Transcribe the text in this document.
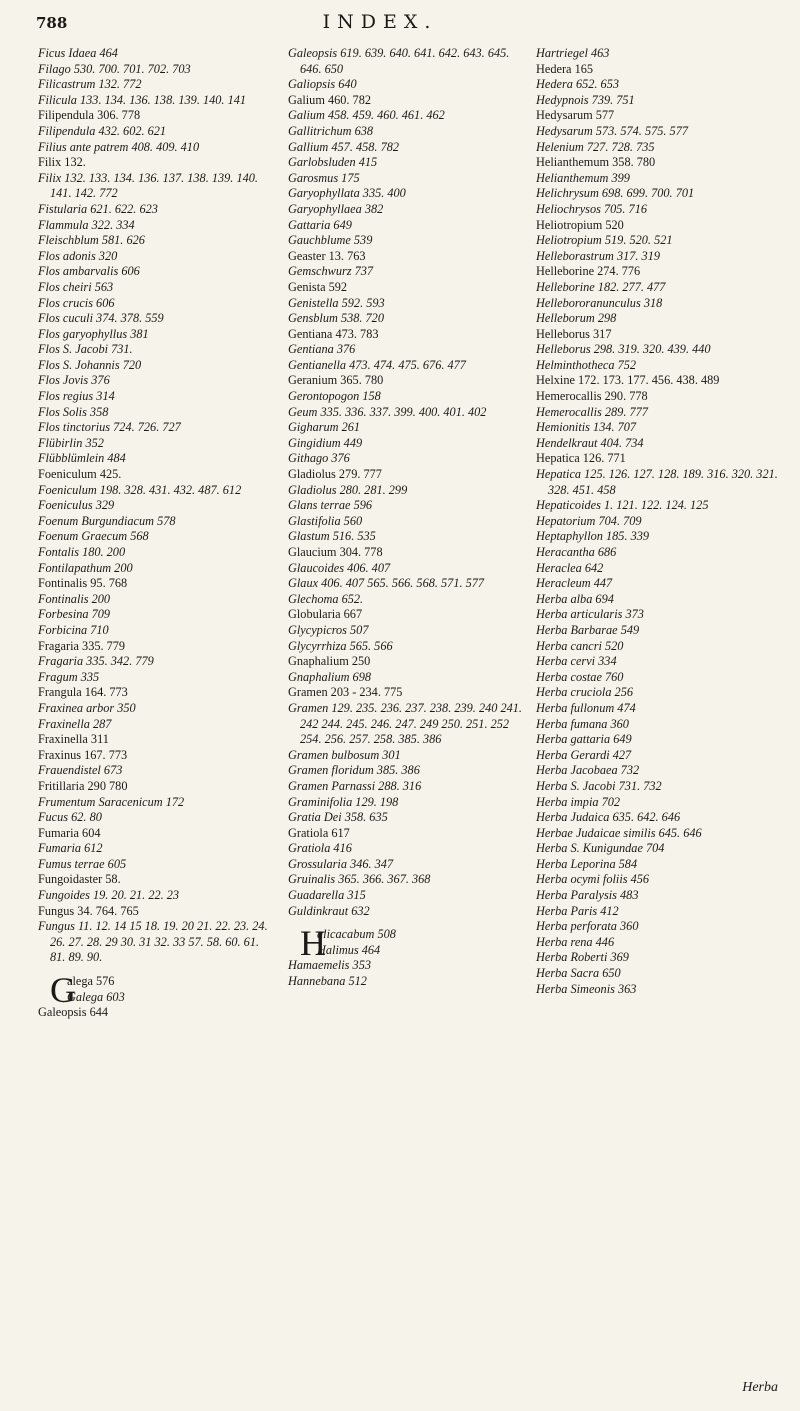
788	INDEX.
Ficus Idaea 464
Filago 530. 700. 701. 702. 703
Filicastrum 132. 772
Filicula 133. 134. 136. 138. 139. 140. 141
Filipendula 306. 778
Filipendula 432. 602. 621
Filius ante patrem 408. 409. 410
Filix 132.
Filix 132. 133. 134. 136. 137. 138. 139. 140. 141. 142. 772
Fistularia 621. 622. 623
Flammula 322. 334
Fleischblum 581. 626
Flos adonis 320
Flos ambarvalis 606
Flos cheiri 563
Flos crucis 606
Flos cuculi 374. 378. 559
Flos garyophyllus 381
Flos S. Jacobi 731.
Flos S. Johannis 720
Flos Jovis 376
Flos regius 314
Flos Solis 358
Flos tinctorius 724. 726. 727
Flübirlin 352
Flübblümlein 484
Foeniculum 425.
Foeniculum 198. 328. 431. 432. 487. 612
Foeniculus 329
Foenum Burgundiacum 578
Foenum Graecum 568
Fontalis 180. 200
Fontilapathum 200
Fontinalis 95. 768
Fontinalis 200
Forbesina 709
Forbicina 710
Fragaria 335. 779
Fragaria 335. 342. 779
Fragum 335
Frangula 164. 773
Fraxinea arbor 350
Fraxinella 287
Fraxinella 311
Fraxinus 167. 773
Frauendistel 673
Fritillaria 290 780
Frumentum Saracenicum 172
Fucus 62. 80
Fumaria 604
Fumaria 612
Fumus terrae 605
Fungoidaster 58.
Fungoides 19. 20. 21. 22. 23
Fungus 34. 764. 765
Fungus 11. 12. 14 15 18. 19. 20 21. 22. 23. 24. 26. 27. 28. 29 30. 31 32. 33 57. 58. 60. 61. 81. 89. 90.
G
alega 576
Galega 603
Galeopsis 644
Galeopsis 619. 639. 640. 641. 642. 643. 645. 646. 650
Galiopsis 640
Galium 460. 782
Galium 458. 459. 460. 461. 462
Gallitrichum 638
Gallium 457. 458. 782
Garlobsluden 415
Garosmus 175
Garyophyllata 335. 400
Garyophyllaea 382
Gattaria 649
Gauchblume 539
Geaster 13. 763
Gemschwurz 737
Genista 592
Genistella 592. 593
Gensblum 538. 720
Gentiana 473. 783
Gentiana 376
Gentianella 473. 474. 475. 676. 477
Geranium 365. 780
Gerontopogon 158
Geum 335. 336. 337. 399. 400. 401. 402
Gigharum 261
Gingidium 449
Githago 376
Gladiolus 279. 777
Gladiolus 280. 281. 299
Glans terrae 596
Glastifolia 560
Glastum 516. 535
Glaucium 304. 778
Glaucoides 406. 407
Glaux 406. 407 565. 566. 568. 571. 577
Glechoma 652.
Globularia 667
Glycypicros 507
Glycyrrhiza 565. 566
Gnaphalium 250
Gnaphalium 698
Gramen 203 - 234. 775
Gramen 129. 235. 236. 237. 238. 239. 240 241. 242 244. 245. 246. 247. 249 250. 251. 252 254. 256. 257. 258. 385. 386
Gramen bulbosum 301
Gramen floridum 385. 386
Gramen Parnassi 288. 316
Graminifolia 129. 198
Gratia Dei 358. 635
Gratiola 617
Gratiola 416
Grossularia 346. 347
Gruinalis 365. 366. 367. 368
Guadarella 315
Guldinkraut 632
H
alicacabum 508
Halimus 464
Hamaemelis 353
Hannebana 512
Hartriegel 463
Hedera 165
Hedera 652. 653
Hedypnois 739. 751
Hedysarum 577
Hedysarum 573. 574. 575. 577
Helenium 727. 728. 735
Helianthemum 358. 780
Helianthemum 399
Helichrysum 698. 699. 700. 701
Heliochrysos 705. 716
Heliotropium 520
Heliotropium 519. 520. 521
Helleborastrum 317. 319
Helleborine 274. 776
Helleborine 182. 277. 477
Hellebororanunculus 318
Helleborum 298
Helleborus 317
Helleborus 298. 319. 320. 439. 440
Helminthotheca 752
Helxine 172. 173. 177. 456. 438. 489
Hemerocallis 290. 778
Hemerocallis 289. 777
Hemionitis 134. 707
Hendelkraut 404. 734
Hepatica 126. 771
Hepatica 125. 126. 127. 128. 189. 316. 320. 321. 328. 451. 458
Hepaticoides 1. 121. 122. 124. 125
Hepatorium 704. 709
Heptaphyllon 185. 339
Heracantha 686
Heraclea 642
Heracleum 447
Herba alba 694
Herba articularis 373
Herba Barbarae 549
Herba cancri 520
Herba cervi 334
Herba costae 760
Herba cruciola 256
Herba fullonum 474
Herba fumana 360
Herba gattaria 649
Herba Gerardi 427
Herba Jacobaea 732
Herba S. Jacobi 731. 732
Herba impia 702
Herba Judaica 635. 642. 646
Herbae Judaicae similis 645. 646
Herba S. Kunigundae 704
Herba Leporina 584
Herba ocymi foliis 456
Herba Paralysis 483
Herba Paris 412
Herba perforata 360
Herba rena 446
Herba Roberti 369
Herba Sacra 650
Herba Simeonis 363
Herba
